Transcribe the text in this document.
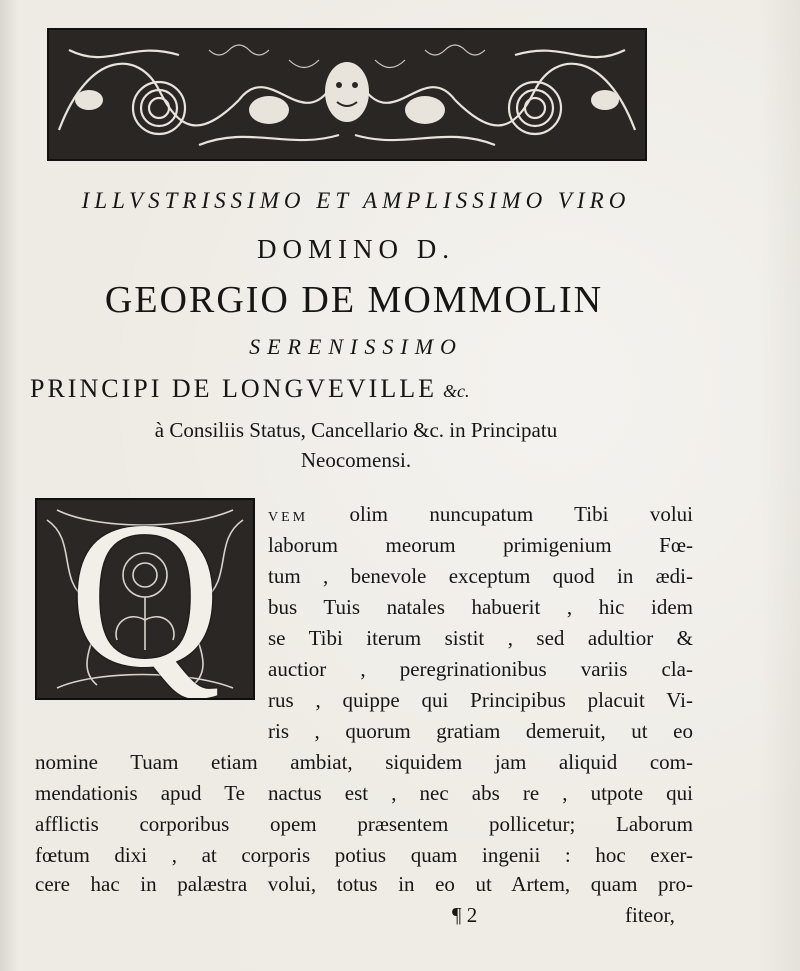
ILLVSTRISSIMO ET AMPLISSIMO VIRO
DOMINO D.
GEORGIO DE MOMMOLIN
SERENISSIMO
PRINCIPI DE LONGVEVILLE &c.
à Consiliis Status, Cancellario &c. in Principatu
Neocomensi.
Q	VEM olim nuncupatum Tibi volui
laborum meorum primigenium Fœ-
tum , benevole exceptum quod in ædi-
bus Tuis natales habuerit , hic idem
se Tibi iterum sistit , sed adultior &
auctior , peregrinationibus variis cla-
rus , quippe qui Principibus placuit Vi-
ris , quorum gratiam demeruit, ut eo
nomine Tuam etiam ambiat, siquidem jam aliquid com-
mendationis apud Te nactus est , nec abs re , utpote qui
afflictis corporibus opem præsentem pollicetur; Laborum
fœtum dixi , at corporis potius quam ingenii : hoc exer-
cere hac in palæstra volui, totus in eo ut Artem, quam pro-
¶ 2	fiteor,
